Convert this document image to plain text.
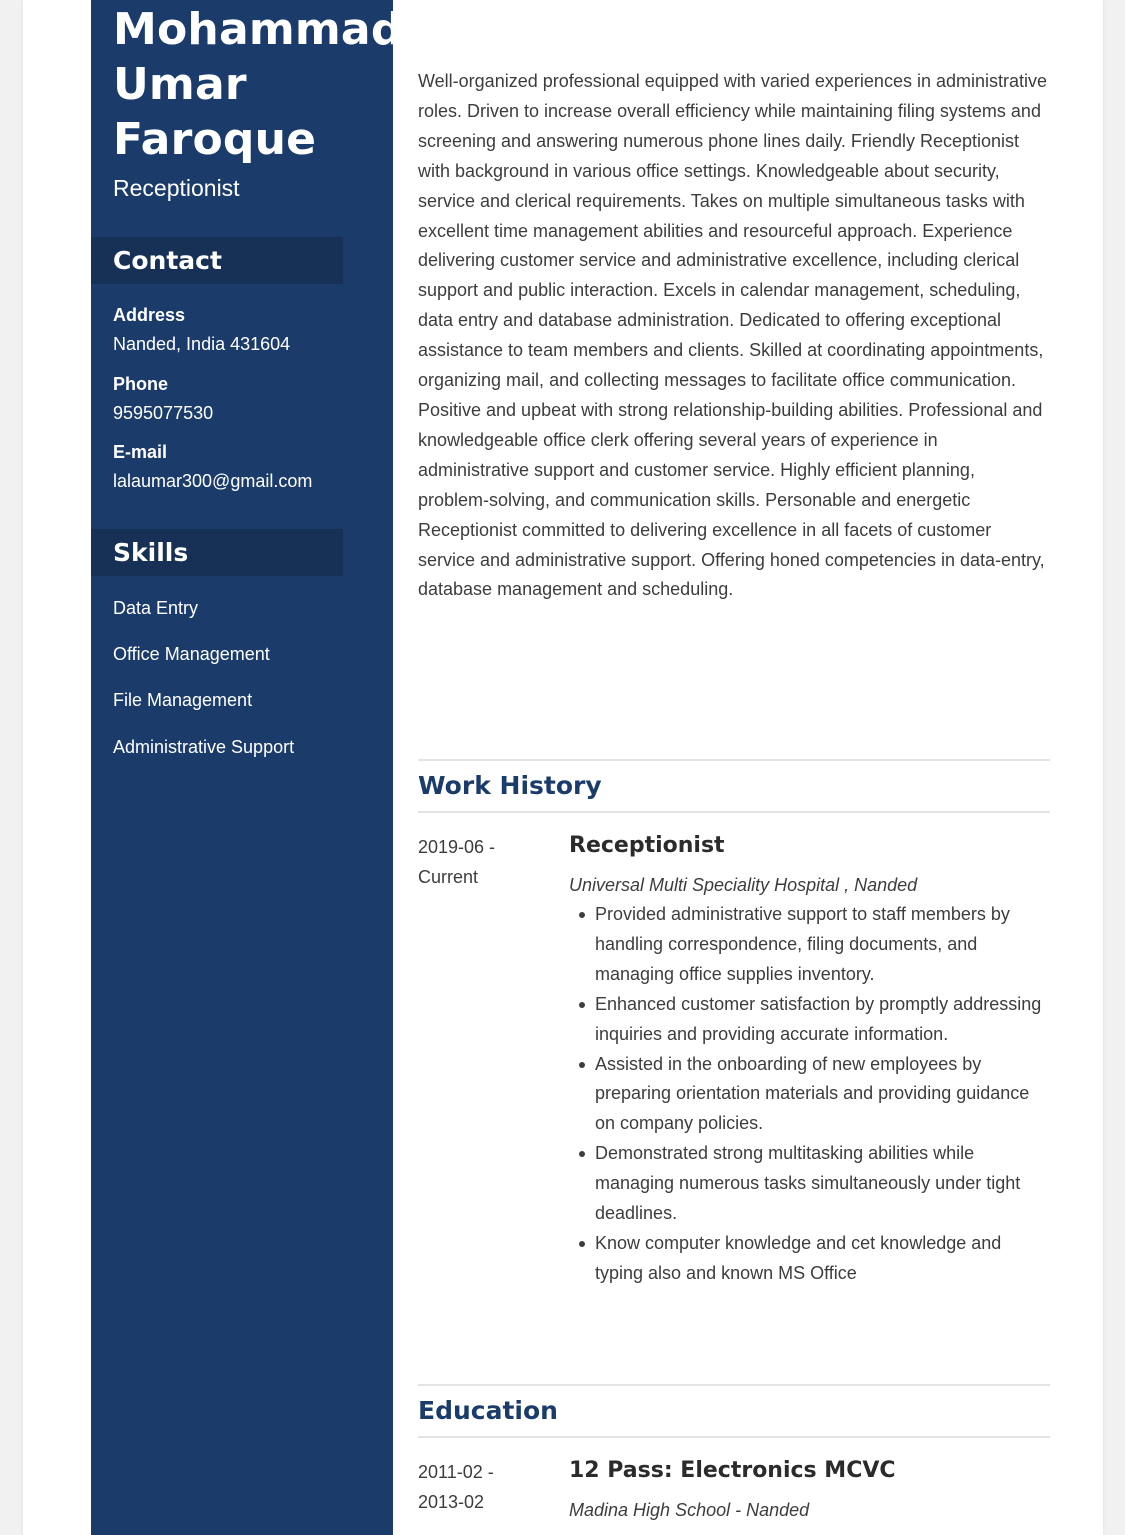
Mohammad Umar Faroque
Receptionist
Contact
Address
Nanded, India 431604
Phone
9595077530
E-mail
lalaumar300@gmail.com
Skills
Data Entry
Office Management
File Management
Administrative Support

Well-organized professional equipped with varied experiences in administrative roles. Driven to increase overall efficiency while maintaining filing systems and screening and answering numerous phone lines daily. Friendly Receptionist with background in various office settings. Knowledgeable about security, service and clerical requirements. Takes on multiple simultaneous tasks with excellent time management abilities and resourceful approach. Experience delivering customer service and administrative excellence, including clerical support and public interaction. Excels in calendar management, scheduling, data entry and database administration. Dedicated to offering exceptional assistance to team members and clients. Skilled at coordinating appointments, organizing mail, and collecting messages to facilitate office communication. Positive and upbeat with strong relationship-building abilities. Professional and knowledgeable office clerk offering several years of experience in administrative support and customer service. Highly efficient planning, problem-solving, and communication skills. Personable and energetic Receptionist committed to delivering excellence in all facets of customer service and administrative support. Offering honed competencies in data-entry, database management and scheduling.

Work History
2019-06 -
Current
Receptionist
Universal Multi Speciality Hospital , Nanded
Provided administrative support to staff members by handling correspondence, filing documents, and managing office supplies inventory.
Enhanced customer satisfaction by promptly addressing inquiries and providing accurate information.
Assisted in the onboarding of new employees by preparing orientation materials and providing guidance on company policies.
Demonstrated strong multitasking abilities while managing numerous tasks simultaneously under tight deadlines.
Know computer knowledge and cet knowledge and typing also and known MS Office
Education
2011-02 -
2013-02
12 Pass: Electronics MCVC
Madina High School - Nanded
